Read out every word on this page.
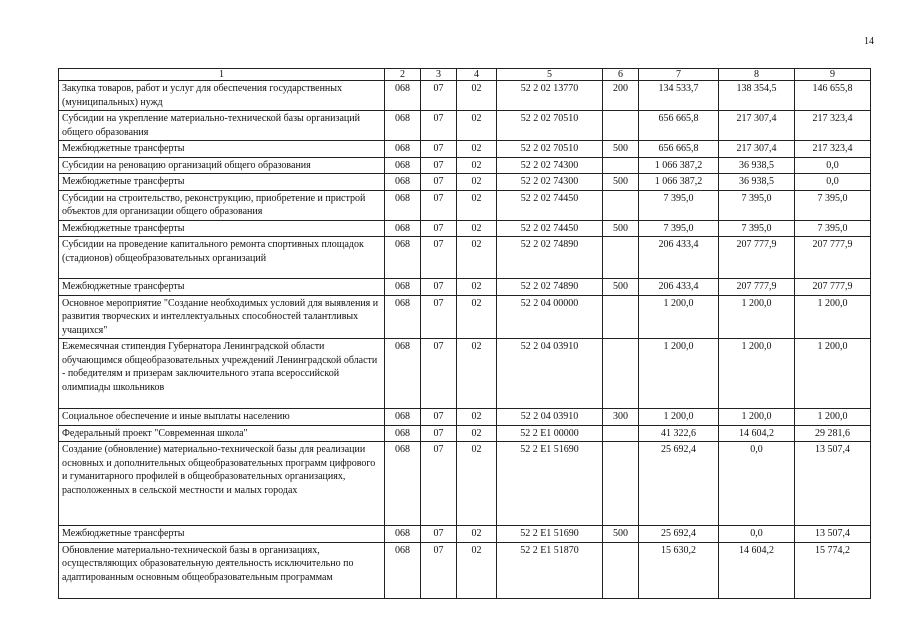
14
1	2	3	4	5	6	7	8	9
Закупка товаров, работ и услуг для обеспечения государственных (муниципальных) нужд	068	07	02	52 2 02 13770	200	134 533,7	138 354,5	146 655,8
Субсидии на укрепление материально-технической базы организаций общего образования	068	07	02	52 2 02 70510		656 665,8	217 307,4	217 323,4
Межбюджетные трансферты	068	07	02	52 2 02 70510	500	656 665,8	217 307,4	217 323,4
Субсидии на реновацию организаций общего образования	068	07	02	52 2 02 74300		1 066 387,2	36 938,5	0,0
Межбюджетные трансферты	068	07	02	52 2 02 74300	500	1 066 387,2	36 938,5	0,0
Субсидии на строительство, реконструкцию, приобретение и пристрой объектов для организации общего образования	068	07	02	52 2 02 74450		7 395,0	7 395,0	7 395,0
Межбюджетные трансферты	068	07	02	52 2 02 74450	500	7 395,0	7 395,0	7 395,0
Субсидии на проведение капитального ремонта спортивных площадок (стадионов) общеобразовательных организаций	068	07	02	52 2 02 74890		206 433,4	207 777,9	207 777,9
Межбюджетные трансферты	068	07	02	52 2 02 74890	500	206 433,4	207 777,9	207 777,9
Основное мероприятие "Создание необходимых условий для выявления и развития творческих и интеллектуальных способностей талантливых учащихся"	068	07	02	52 2 04 00000		1 200,0	1 200,0	1 200,0
Ежемесячная стипендия Губернатора Ленинградской области обучающимся общеобразовательных учреждений Ленинградской области - победителям и призерам заключительного этапа всероссийской олимпиады школьников	068	07	02	52 2 04 03910		1 200,0	1 200,0	1 200,0
Социальное обеспечение и иные выплаты населению	068	07	02	52 2 04 03910	300	1 200,0	1 200,0	1 200,0
Федеральный проект "Современная школа"	068	07	02	52 2 E1 00000		41 322,6	14 604,2	29 281,6
Создание (обновление) материально-технической базы для реализации основных и дополнительных общеобразовательных программ цифрового и гуманитарного профилей в общеобразовательных организациях, расположенных в сельской местности и малых городах	068	07	02	52 2 E1 51690		25 692,4	0,0	13 507,4
Межбюджетные трансферты	068	07	02	52 2 E1 51690	500	25 692,4	0,0	13 507,4
Обновление материально-технической базы в организациях, осуществляющих образовательную деятельность исключительно по адаптированным основным общеобразовательным программам	068	07	02	52 2 E1 51870		15 630,2	14 604,2	15 774,2
